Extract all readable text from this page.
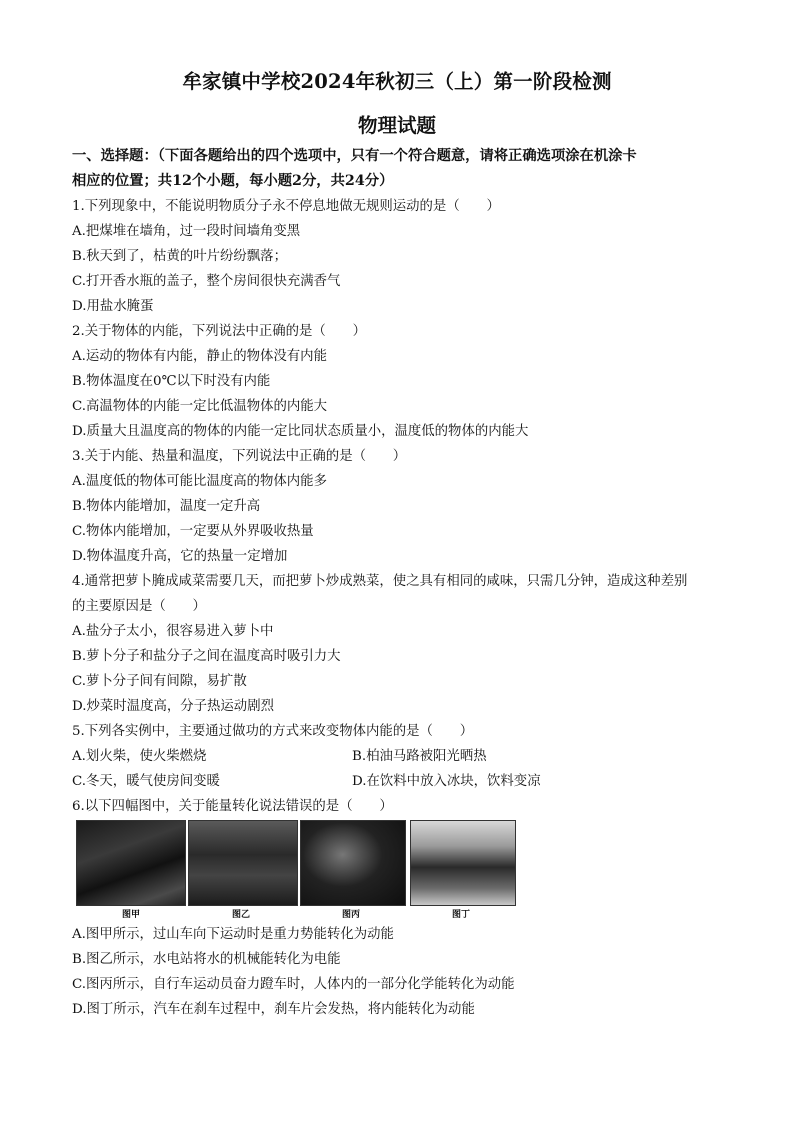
牟家镇中学校2024年秋初三（上）第一阶段检测
物理试题
一、选择题：（下面各题给出的四个选项中，只有一个符合题意，请将正确选项涂在机涂卡
相应的位置；共12个小题，每小题2分，共24分）
1.下列现象中，不能说明物质分子永不停息地做无规则运动的是（　　）
A.把煤堆在墙角，过一段时间墙角变黑
B.秋天到了，枯黄的叶片纷纷飘落；
C.打开香水瓶的盖子，整个房间很快充满香气
D.用盐水腌蛋
2.关于物体的内能，下列说法中正确的是（　　）
A.运动的物体有内能，静止的物体没有内能
B.物体温度在0℃以下时没有内能
C.高温物体的内能一定比低温物体的内能大
D.质量大且温度高的物体的内能一定比同状态质量小，温度低的物体的内能大
3.关于内能、热量和温度，下列说法中正确的是（　　）
A.温度低的物体可能比温度高的物体内能多
B.物体内能增加，温度一定升高
C.物体内能增加，一定要从外界吸收热量
D.物体温度升高，它的热量一定增加
4.通常把萝卜腌成咸菜需要几天，而把萝卜炒成熟菜，使之具有相同的咸味，只需几分钟，造成这种差别
的主要原因是（　　）
A.盐分子太小，很容易进入萝卜中
B.萝卜分子和盐分子之间在温度高时吸引力大
C.萝卜分子间有间隙，易扩散
D.炒菜时温度高，分子热运动剧烈
5.下列各实例中，主要通过做功的方式来改变物体内能的是（　　）
A.划火柴，使火柴燃烧	B.柏油马路被阳光晒热
C.冬天，暖气使房间变暖	D.在饮料中放入冰块，饮料变凉
6.以下四幅图中，关于能量转化说法错误的是（　　）
图甲	图乙	图丙	图丁
A.图甲所示，过山车向下运动时是重力势能转化为动能
B.图乙所示，水电站将水的机械能转化为电能
C.图丙所示，自行车运动员奋力蹬车时，人体内的一部分化学能转化为动能
D.图丁所示，汽车在刹车过程中，刹车片会发热，将内能转化为动能
